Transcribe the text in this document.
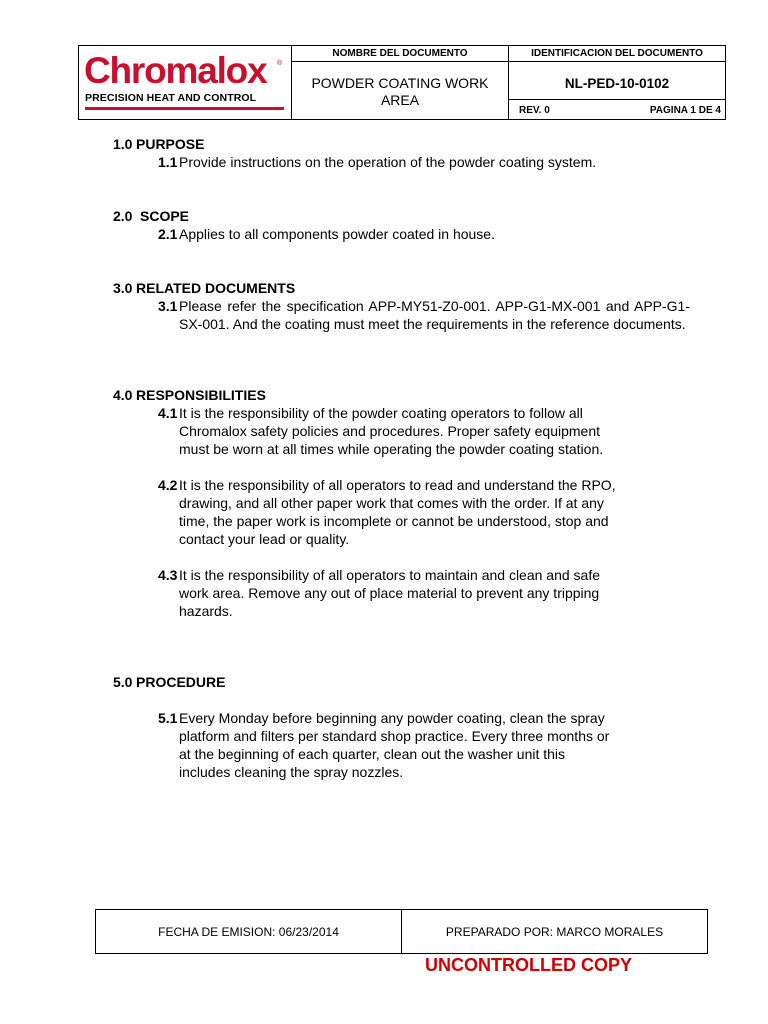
Chromalox ®
PRECISION HEAT AND CONTROL
NOMBRE DEL DOCUMENTO
POWDER COATING WORK
AREA
IDENTIFICACION DEL DOCUMENTO
NL-PED-10-0102
REV. 0	PAGINA 1 DE 4
1.0 PURPOSE
1.1 Provide instructions on the operation of the powder coating system.
2.0 SCOPE
2.1 Applies to all components powder coated in house.
3.0 RELATED DOCUMENTS
3.1 Please refer the specification APP-MY51-Z0-001. APP-G1-MX-001 and APP-G1-SX-001. And the coating must meet the requirements in the reference documents.
4.0 RESPONSIBILITIES
4.1 It is the responsibility of the powder coating operators to follow all Chromalox safety policies and procedures. Proper safety equipment must be worn at all times while operating the powder coating station.
4.2 It is the responsibility of all operators to read and understand the RPO, drawing, and all other paper work that comes with the order. If at any time, the paper work is incomplete or cannot be understood, stop and contact your lead or quality.
4.3 It is the responsibility of all operators to maintain and clean and safe work area. Remove any out of place material to prevent any tripping hazards.
5.0 PROCEDURE
5.1 Every Monday before beginning any powder coating, clean the spray platform and filters per standard shop practice. Every three months or at the beginning of each quarter, clean out the washer unit this includes cleaning the spray nozzles.
FECHA DE EMISION: 06/23/2014	PREPARADO POR: MARCO MORALES
UNCONTROLLED COPY
